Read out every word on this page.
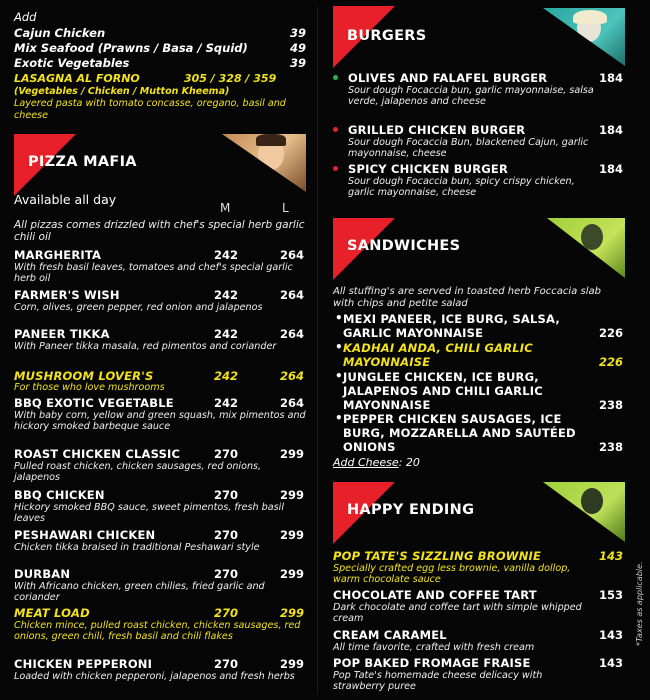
Add
Cajun Chicken	39
Mix Seafood (Prawns / Basa / Squid)	49
Exotic Vegetables	39
LASAGNA AL FORNO	305 / 328 / 359
(Vegetables / Chicken / Mutton Kheema)
Layered pasta with tomato concasse, oregano, basil and cheese
PIZZA MAFIA
Available all day
M	L
All pizzas comes drizzled with chef's special herb garlic chili oil
MARGHERITA	242	264
With fresh basil leaves, tomatoes and chef's special garlic herb oil
FARMER'S WISH	242	264
Corn, olives, green pepper, red onion and jalapenos
PANEER TIKKA	242	264
With Paneer tikka masala, red pimentos and coriander
MUSHROOM LOVER'S	242	264
For those who love mushrooms
BBQ EXOTIC VEGETABLE	242	264
With baby corn, yellow and green squash, mix pimentos and hickory smoked barbeque sauce
ROAST CHICKEN CLASSIC	270	299
Pulled roast chicken, chicken sausages, red onions, jalapenos
BBQ CHICKEN	270	299
Hickory smoked BBQ sauce, sweet pimentos, fresh basil leaves
PESHAWARI CHICKEN	270	299
Chicken tikka braised in traditional Peshawari style
DURBAN	270	299
With Africano chicken, green chilies, fried garlic and coriander
MEAT LOAD	270	299
Chicken mince, pulled roast chicken, chicken sausages, red onions, green chili, fresh basil and chili flakes
CHICKEN PEPPERONI	270	299
Loaded with chicken pepperoni, jalapenos and fresh herbs
BURGERS
OLIVES AND FALAFEL BURGER	184
Sour dough Focaccia bun, garlic mayonnaise, salsa verde, jalapenos and cheese
GRILLED CHICKEN BURGER	184
Sour dough Focaccia Bun, blackened Cajun, garlic mayonnaise, cheese
SPICY CHICKEN BURGER	184
Sour dough Focaccia bun, spicy crispy chicken, garlic mayonnaise, cheese
SANDWICHES
All stuffing's are served in toasted herb Foccacia slab with chips and petite salad
• MEXI PANEER, ICE BURG, SALSA, GARLIC MAYONNAISE	226
• KADHAI ANDA, CHILI GARLIC MAYONNAISE	226
• JUNGLEE CHICKEN, ICE BURG, JALAPENOS AND CHILI GARLIC MAYONNAISE	238
• PEPPER CHICKEN SAUSAGES, ICE BURG, MOZZARELLA AND SAUTÉED ONIONS	238
Add Cheese: 20
HAPPY ENDING
POP TATE'S SIZZLING BROWNIE	143
Specially crafted egg less brownie, vanilla dollop, warm chocolate sauce
CHOCOLATE AND COFFEE TART	153
Dark chocolate and coffee tart with simple whipped cream
CREAM CARAMEL	143
All time favorite, crafted with fresh cream
POP BAKED FROMAGE FRAISE	143
Pop Tate's homemade cheese delicacy with strawberry puree
*Taxes as applicable.
